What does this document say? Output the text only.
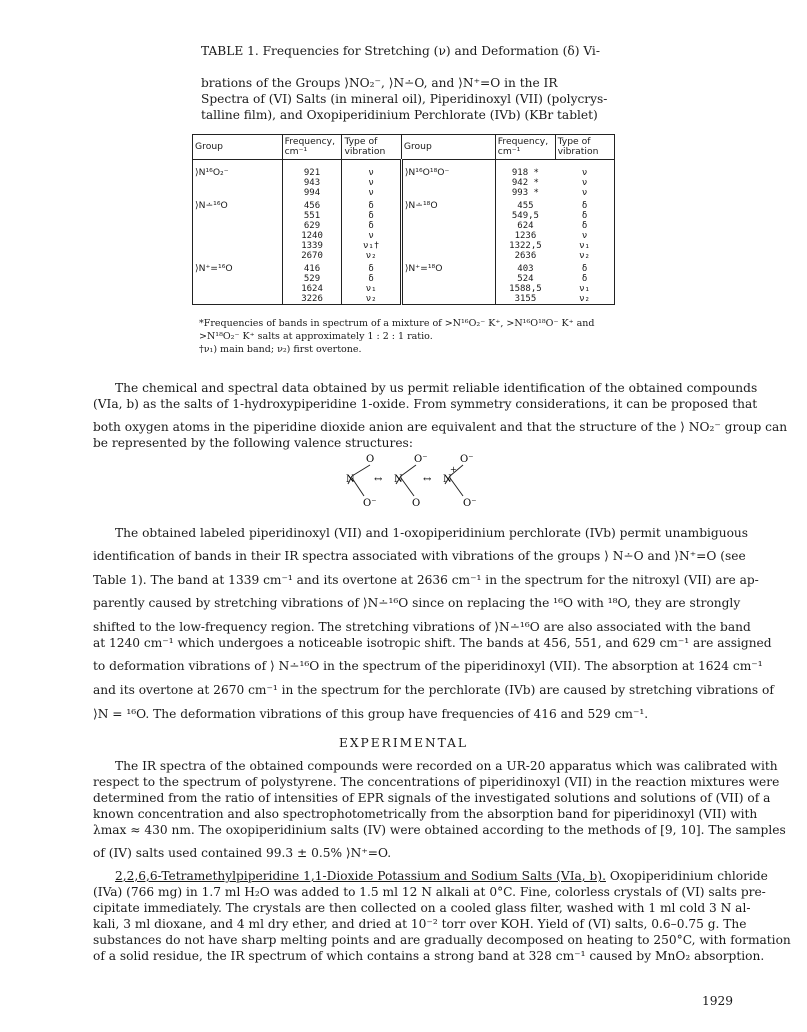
TABLE 1. Frequencies for Stretching (ν) and Deformation (δ) Vi-

brations of the Groups ⟩NO₂⁻, ⟩N∸O, and ⟩N⁺=O in the IR

Spectra of (VI) Salts (in mineral oil), Piperidinoxyl (VII) (polycrys-

talline film), and Oxopiperidinium Perchlorate (IVb) (KBr tablet)

Group	Frequency, cm⁻¹	Type of vibration	Group	Frequency, cm⁻¹	Type of vibration
⟩N¹⁶O₂⁻	921	ν	⟩N¹⁶O¹⁸O⁻	918 *	ν
	943	ν		942 *	ν
	994	ν		993 *	ν
⟩N∸¹⁶O	456	δ	⟩N∸¹⁸O	455	δ
	551	δ		549,5	δ
	629	δ		624	δ
	1240	ν		1236	ν
	1339	ν₁†		1322,5	ν₁
	2670	ν₂		2636	ν₂
⟩N⁺=¹⁶O	416	δ	⟩N⁺=¹⁸O	403	δ
	529	δ		524	δ
	1624	ν₁		1588,5	ν₁
	3226	ν₂		3155	ν₂

*Frequencies of bands in spectrum of a mixture of >N¹⁶O₂⁻ K⁺, >N¹⁶O¹⁸O⁻ K⁺ and

>N¹⁸O₂⁻ K⁺ salts at approximately 1 : 2 : 1 ratio.

†ν₁) main band; ν₂) first overtone.

The chemical and spectral data obtained by us permit reliable identification of the obtained compounds

(VIa, b) as the salts of 1-hydroxypiperidine 1-oxide. From symmetry considerations, it can be proposed that

both oxygen atoms in the piperidine dioxide anion are equivalent and that the structure of the ⟩ NO₂⁻ group can

be represented by the following valence structures:

O	O⁻	O⁻
N	N	N
+
↔	↔
O⁻	O	O⁻

The obtained labeled piperidinoxyl (VII) and 1-oxopiperidinium perchlorate (IVb) permit unambiguous

identification of bands in their IR spectra associated with vibrations of the groups ⟩ N∸O and ⟩N⁺=O (see

Table 1). The band at 1339 cm⁻¹ and its overtone at 2636 cm⁻¹ in the spectrum for the nitroxyl (VII) are ap-

parently caused by stretching vibrations of ⟩N∸¹⁶O since on replacing the ¹⁶O with ¹⁸O, they are strongly

shifted to the low-frequency region. The stretching vibrations of ⟩N∸¹⁶O are also associated with the band

at 1240 cm⁻¹ which undergoes a noticeable isotropic shift. The bands at 456, 551, and 629 cm⁻¹ are assigned

to deformation vibrations of ⟩ N∸¹⁶O in the spectrum of the piperidinoxyl (VII). The absorption at 1624 cm⁻¹

and its overtone at 2670 cm⁻¹ in the spectrum for the perchlorate (IVb) are caused by stretching vibrations of

⟩N = ¹⁶O. The deformation vibrations of this group have frequencies of 416 and 529 cm⁻¹.

EXPERIMENTAL

The IR spectra of the obtained compounds were recorded on a UR-20 apparatus which was calibrated with

respect to the spectrum of polystyrene. The concentrations of piperidinoxyl (VII) in the reaction mixtures were

determined from the ratio of intensities of EPR signals of the investigated solutions and solutions of (VII) of a

known concentration and also spectrophotometrically from the absorption band for piperidinoxyl (VII) with

λmax ≈ 430 nm. The oxopiperidinium salts (IV) were obtained according to the methods of [9, 10]. The samples

of (IV) salts used contained 99.3 ± 0.5% ⟩N⁺=O.

2,2,6,6-Tetramethylpiperidine 1,1-Dioxide Potassium and Sodium Salts (VIa, b). Oxopiperidinium chloride

(IVa) (766 mg) in 1.7 ml H₂O was added to 1.5 ml 12 N alkali at 0°C. Fine, colorless crystals of (VI) salts pre-

cipitate immediately. The crystals are then collected on a cooled glass filter, washed with 1 ml cold 3 N al-

kali, 3 ml dioxane, and 4 ml dry ether, and dried at 10⁻² torr over KOH. Yield of (VI) salts, 0.6–0.75 g. The

substances do not have sharp melting points and are gradually decomposed on heating to 250°C, with formation

of a solid residue, the IR spectrum of which contains a strong band at 328 cm⁻¹ caused by MnO₂ absorption.

1929
